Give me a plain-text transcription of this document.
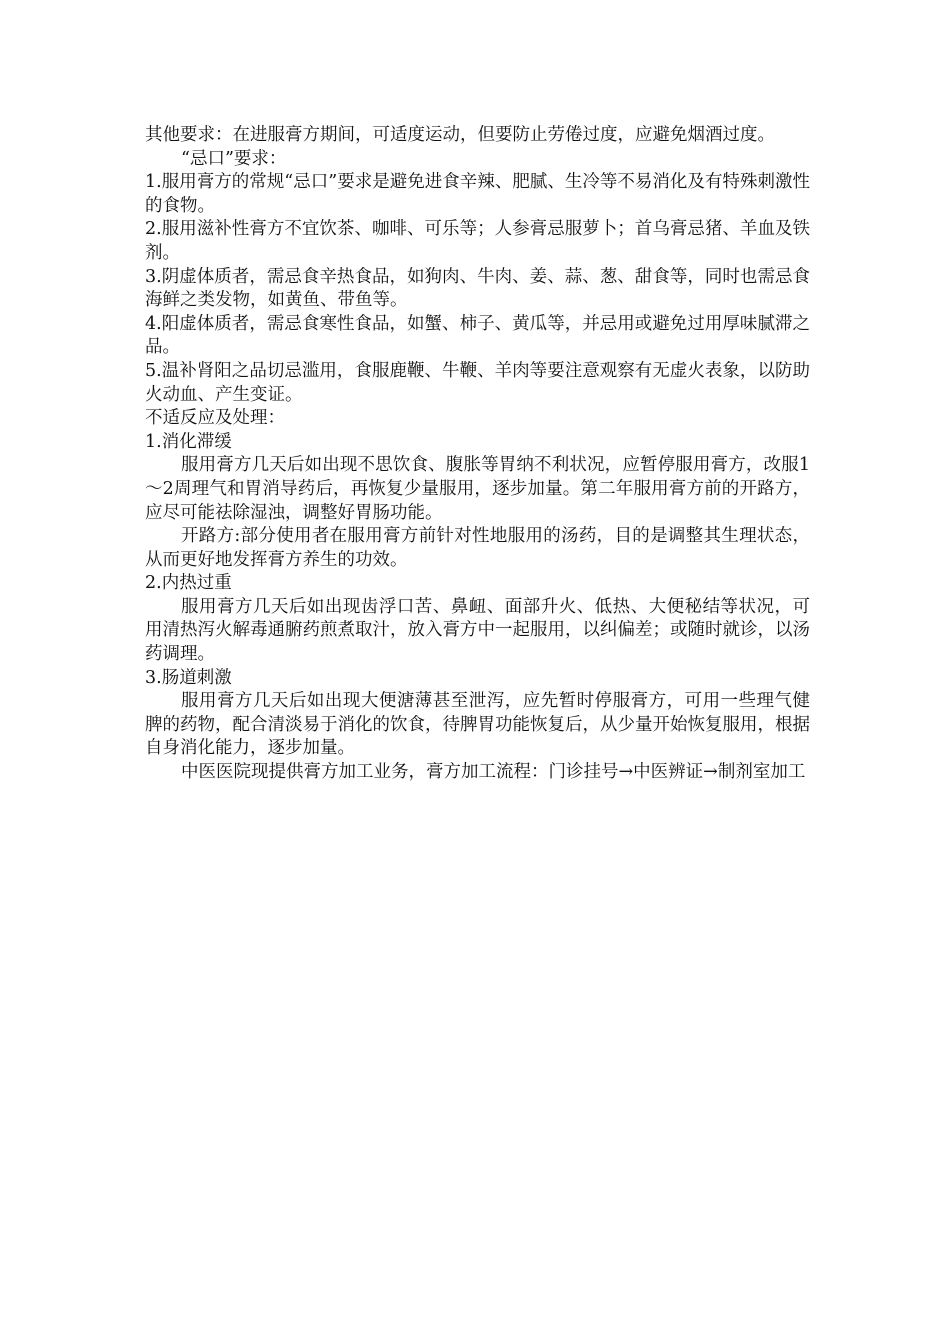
其他要求：在进服膏方期间，可适度运动，但要防止劳倦过度，应避免烟酒过度。

“忌口”要求：

1.服用膏方的常规“忌口”要求是避免进食辛辣、肥腻、生冷等不易消化及有特殊刺激性的食物。

2.服用滋补性膏方不宜饮茶、咖啡、可乐等；人参膏忌服萝卜；首乌膏忌猪、羊血及铁剂。

3.阴虚体质者，需忌食辛热食品，如狗肉、牛肉、姜、蒜、葱、甜食等，同时也需忌食海鲜之类发物，如黄鱼、带鱼等。

4.阳虚体质者，需忌食寒性食品，如蟹、柿子、黄瓜等，并忌用或避免过用厚味腻滞之品。

5.温补肾阳之品切忌滥用，食服鹿鞭、牛鞭、羊肉等要注意观察有无虚火表象，以防助火动血、产生变证。

不适反应及处理：

1.消化滞缓

服用膏方几天后如出现不思饮食、腹胀等胃纳不利状况，应暂停服用膏方，改服1～2周理气和胃消导药后，再恢复少量服用，逐步加量。第二年服用膏方前的开路方，应尽可能祛除湿浊，调整好胃肠功能。

开路方:部分使用者在服用膏方前针对性地服用的汤药，目的是调整其生理状态，从而更好地发挥膏方养生的功效。

2.内热过重

服用膏方几天后如出现齿浮口苦、鼻衄、面部升火、低热、大便秘结等状况，可用清热泻火解毒通腑药煎煮取汁，放入膏方中一起服用，以纠偏差；或随时就诊，以汤药调理。

3.肠道刺激

服用膏方几天后如出现大便溏薄甚至泄泻，应先暂时停服膏方，可用一些理气健脾的药物，配合清淡易于消化的饮食，待脾胃功能恢复后，从少量开始恢复服用，根据自身消化能力，逐步加量。

中医医院现提供膏方加工业务，膏方加工流程：门诊挂号→中医辨证→制剂室加工
